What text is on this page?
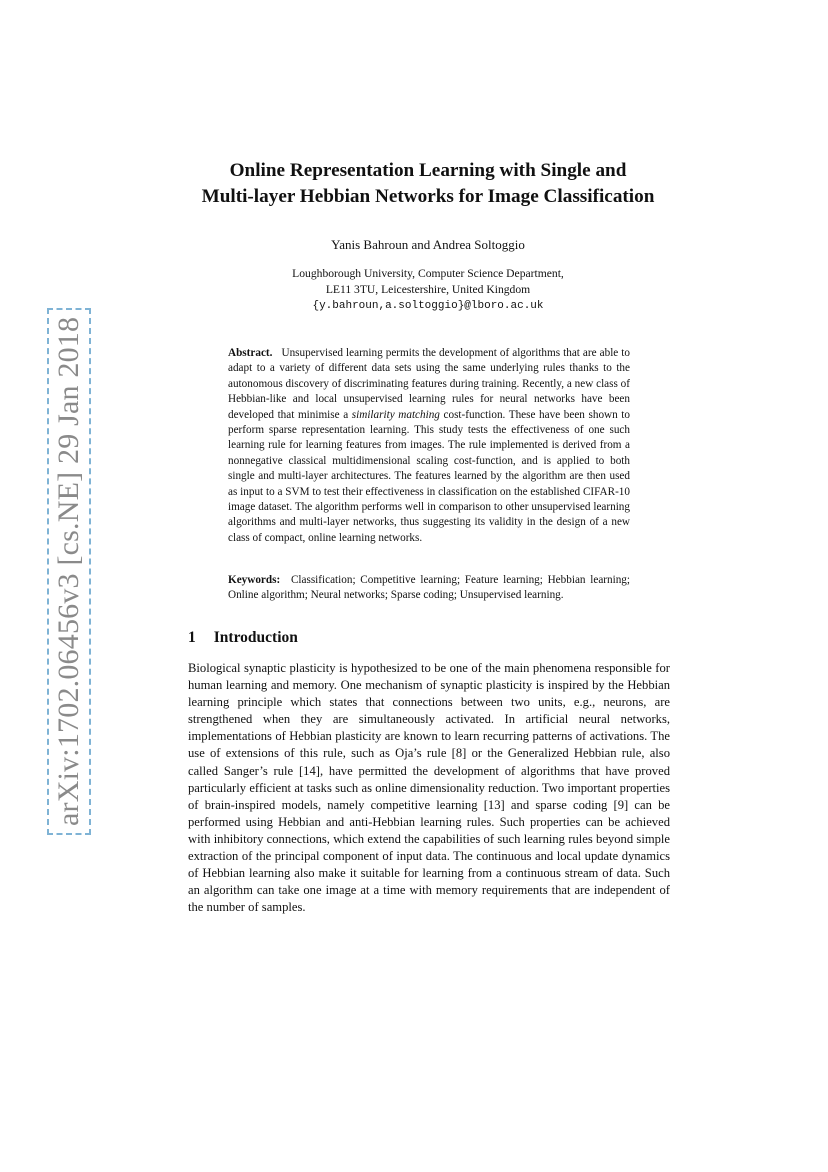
arXiv:1702.06456v3 [cs.NE] 29 Jan 2018
Online Representation Learning with Single and
Multi-layer Hebbian Networks for Image Classification
Yanis Bahroun and Andrea Soltoggio
Loughborough University, Computer Science Department,
LE11 3TU, Leicestershire, United Kingdom
{y.bahroun,a.soltoggio}@lboro.ac.uk

Abstract. Unsupervised learning permits the development of algorithms that are able to adapt to a variety of different data sets using the same underlying rules thanks to the autonomous discovery of discriminating features during training. Recently, a new class of Hebbian-like and local unsupervised learning rules for neural networks have been developed that minimise a similarity matching cost-function. These have been shown to perform sparse representation learning. This study tests the effectiveness of one such learning rule for learning features from images. The rule implemented is derived from a nonnegative classical multidimensional scaling cost-function, and is applied to both single and multi-layer architectures. The features learned by the algorithm are then used as input to a SVM to test their effectiveness in classification on the established CIFAR-10 image dataset. The algorithm performs well in comparison to other unsupervised learning algorithms and multi-layer networks, thus suggesting its validity in the design of a new class of compact, online learning networks.

Keywords: Classification; Competitive learning; Feature learning; Hebbian learning; Online algorithm; Neural networks; Sparse coding; Unsupervised learning.

1 Introduction

Biological synaptic plasticity is hypothesized to be one of the main phenomena responsible for human learning and memory. One mechanism of synaptic plasticity is inspired by the Hebbian learning principle which states that connections between two units, e.g., neurons, are strengthened when they are simultaneously activated. In artificial neural networks, implementations of Hebbian plasticity are known to learn recurring patterns of activations. The use of extensions of this rule, such as Oja’s rule [8] or the Generalized Hebbian rule, also called Sanger’s rule [14], have permitted the development of algorithms that have proved particularly efficient at tasks such as online dimensionality reduction. Two important properties of brain-inspired models, namely competitive learning [13] and sparse coding [9] can be performed using Hebbian and anti-Hebbian learning rules. Such properties can be achieved with inhibitory connections, which extend the capabilities of such learning rules beyond simple extraction of the principal component of input data. The continuous and local update dynamics of Hebbian learning also make it suitable for learning from a continuous stream of data. Such an algorithm can take one image at a time with memory requirements that are independent of the number of samples.
